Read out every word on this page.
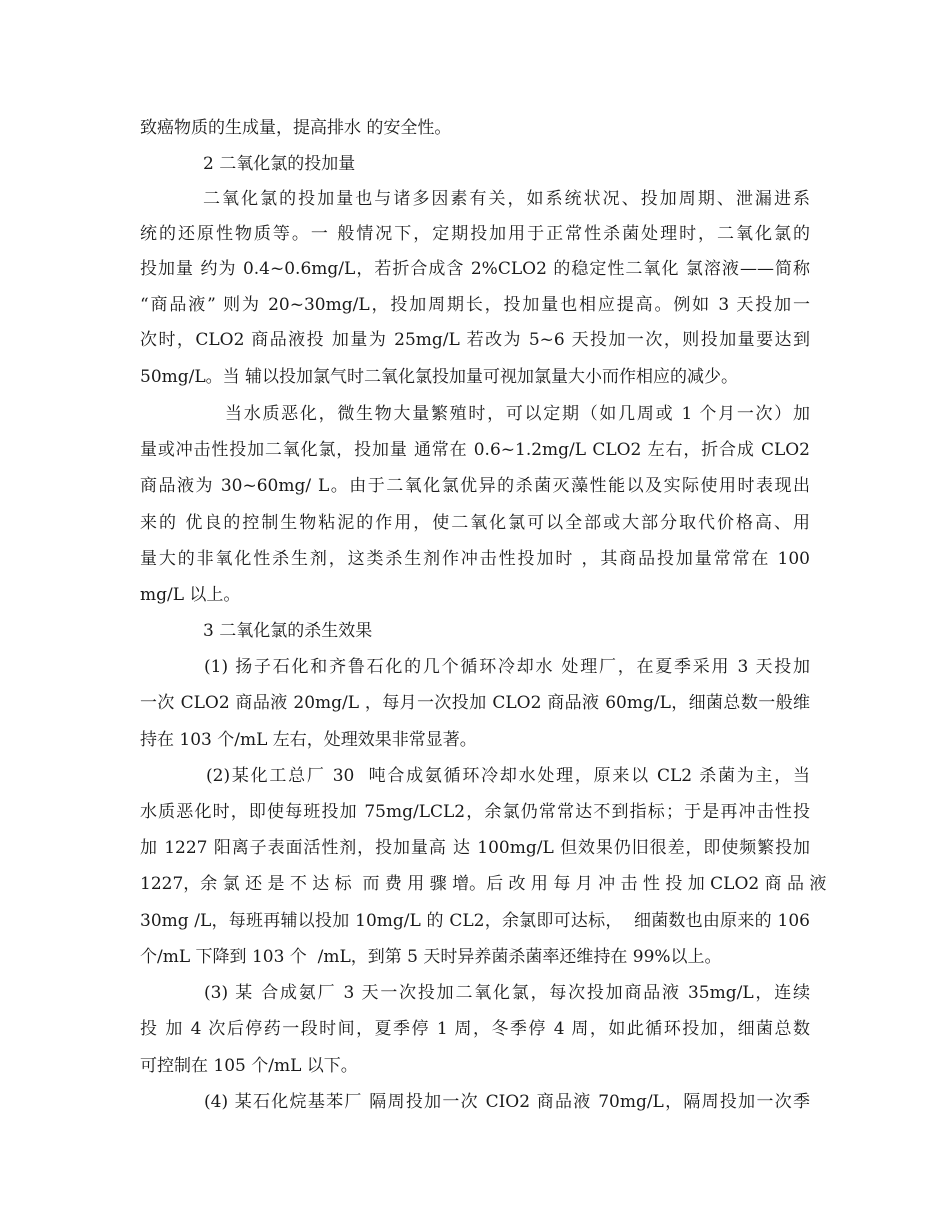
致癌物质的生成量，提高排水 的安全性。
2 二氧化氯的投加量
二氧化氯的投加量也与诸多因素有关，如系统状况、投加周期、泄漏进系
统的还原性物质等。一 般情况下，定期投加用于正常性杀菌处理时，二氧化氯的
投加量 约为 0.4~0.6mg/L，若折合成含 2%CLO2 的稳定性二氧化 氯溶液——简称
“商品液” 则为 20~30mg/L，投加周期长，投加量也相应提高。例如 3 天投加一
次时，CLO2 商品液投 加量为 25mg/L 若改为 5~6 天投加一次，则投加量要达到
50mg/L。当 辅以投加氯气时二氧化氯投加量可视加氯量大小而作相应的减少。
当水质恶化，微生物大量繁殖时，可以定期（如几周或 1 个月一次）加
量或冲击性投加二氧化氯，投加量 通常在 0.6~1.2mg/L CLO2 左右，折合成 CLO2
商品液为 30~60mg/ L。由于二氧化氯优异的杀菌灭藻性能以及实际使用时表现出
来的 优良的控制生物粘泥的作用，使二氧化氯可以全部或大部分取代价格高、用
量大的非氧化性杀生剂，这类杀生剂作冲击性投加时 ，其商品投加量常常在 100
mg/L 以上。
3 二氧化氯的杀生效果
(1) 扬子石化和齐鲁石化的几个循环冷却水 处理厂，在夏季采用 3 天投加
一次 CLO2 商品液 20mg/L ，每月一次投加 CLO2 商品液 60mg/L，细菌总数一般维
持在 103 个/mL 左右，处理效果非常显著。
(2)某化工总厂 30  吨合成氨循环冷却水处理，原来以 CL2 杀菌为主，当
水质恶化时，即使每班投加 75mg/LCL2，余氯仍常常达不到指标；于是再冲击性投
加 1227 阳离子表面活性剂，投加量高 达 100mg/L 但效果仍旧很差，即使频繁投加
1227，余 氯 还 是 不 达 标  而 费 用 骤 增。后 改 用 每 月 冲 击 性 投 加 CLO2 商 品 液
30mg /L，每班再辅以投加 10mg/L 的 CL2，余氯即可达标，  细菌数也由原来的 106
个/mL 下降到 103 个  /mL，到第 5 天时异养菌杀菌率还维持在 99%以上。
(3) 某 合成氨厂 3 天一次投加二氧化氯，每次投加商品液 35mg/L，连续
投 加 4 次后停药一段时间，夏季停 1 周，冬季停 4 周，如此循环投加，细菌总数
可控制在 105 个/mL 以下。
(4) 某石化烷基苯厂 隔周投加一次 CIO2 商品液 70mg/L，隔周投加一次季
